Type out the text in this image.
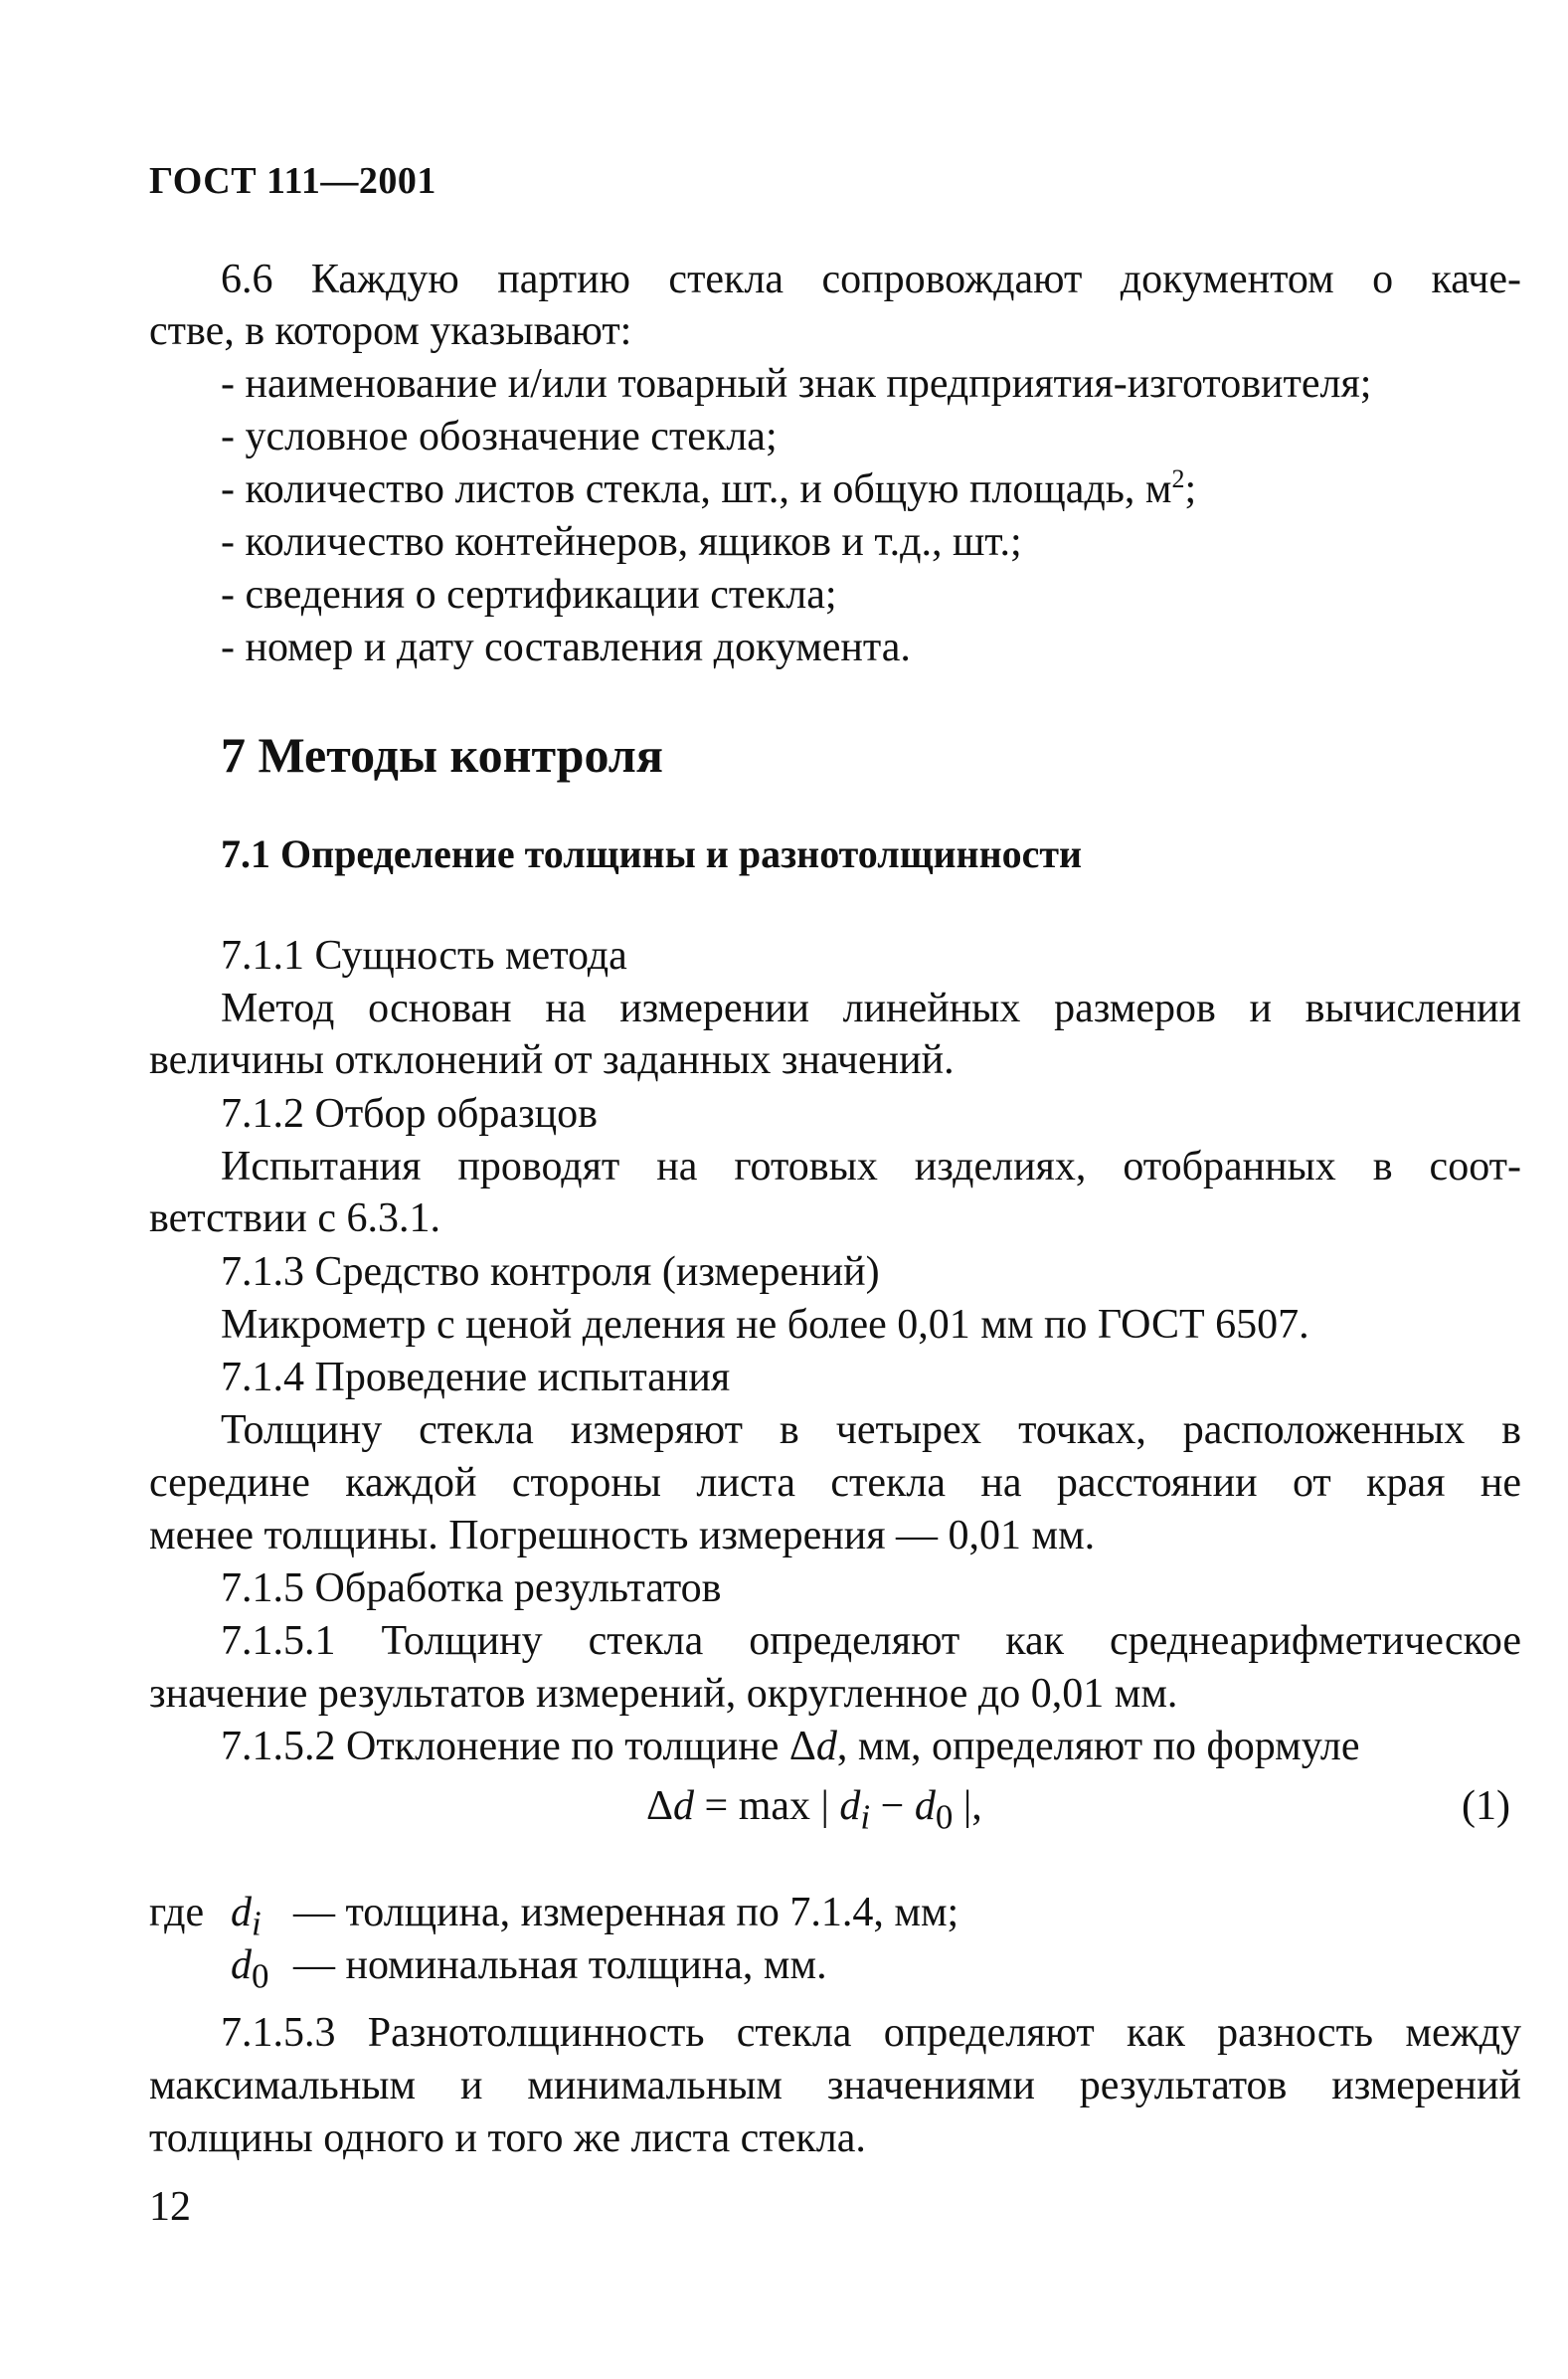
ГОСТ 111—2001
6.6 Каждую партию стекла сопровождают документом о каче-
стве, в котором указывают:
- наименование и/или товарный знак предприятия-изготовителя;
- условное обозначение стекла;
- количество листов стекла, шт., и общую площадь, $м^2$;
- количество контейнеров, ящиков и т.д., шт.;
- сведения о сертификации стекла;
- номер и дату составления документа.
7 Методы контроля
7.1 Определение толщины и разнотолщинности
7.1.1 Сущность метода
Метод основан на измерении линейных размеров и вычислении
величины отклонений от заданных значений.
7.1.2 Отбор образцов
Испытания проводят на готовых изделиях, отобранных в соот-
ветствии с 6.3.1.
7.1.3 Средство контроля (измерений)
Микрометр с ценой деления не более 0,01 мм по ГОСТ 6507.
7.1.4 Проведение испытания
Толщину стекла измеряют в четырех точках, расположенных в
середине каждой стороны листа стекла на расстоянии от края не
менее толщины. Погрешность измерения — 0,01 мм.
7.1.5 Обработка результатов
7.1.5.1 Толщину стекла определяют как среднеарифметическое
значение результатов измерений, округленное до 0,01 мм.
7.1.5.2 Отклонение по толщине Δd, мм, определяют по формуле
Δd = max | $d_i - d_0$ |,	(1)
где $d_i$ — толщина, измеренная по 7.1.4, мм;
$d_0$ — номинальная толщина, мм.
7.1.5.3 Разнотолщинность стекла определяют как разность между
максимальным и минимальным значениями результатов измерений
толщины одного и того же листа стекла.
12
